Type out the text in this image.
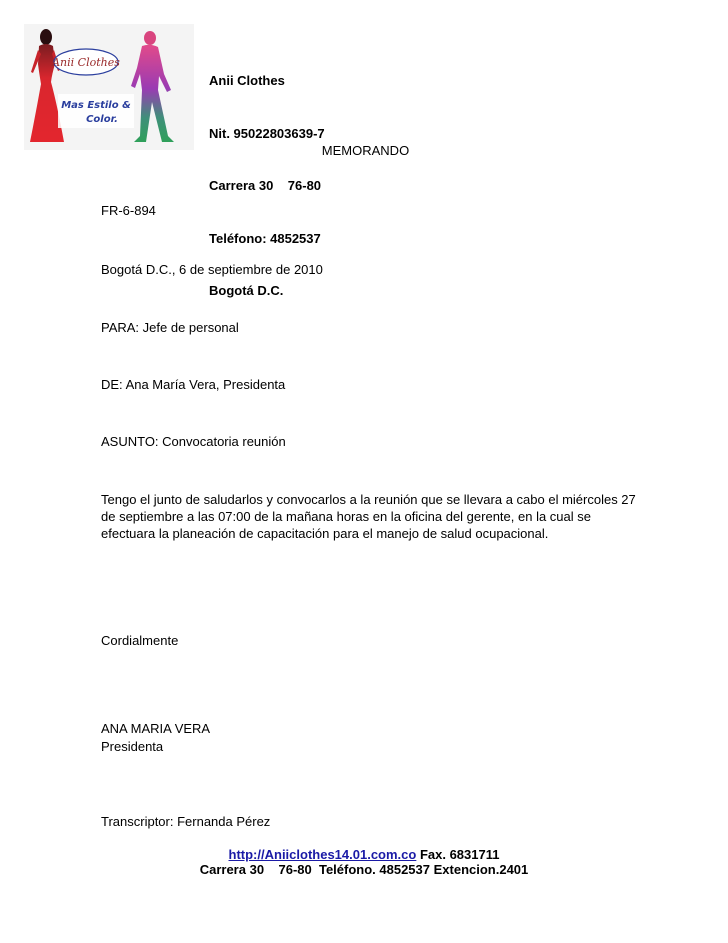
Anii Clothes
Mas Estilo &
Color.

Anii Clothes

Nit. 95022803639-7

Carrera 30    76-80

Teléfono: 4852537

Bogotá D.C.

MEMORANDO
FR-6-894
Bogotá D.C., 6 de septiembre de 2010
PARA: Jefe de personal
DE: Ana María Vera, Presidenta
ASUNTO: Convocatoria reunión
Tengo el junto de saludarlos y convocarlos a la reunión que se llevara a cabo el miércoles 27 de septiembre a las 07:00 de la mañana horas en la oficina del gerente, en la cual se efectuara la planeación de capacitación para el manejo de salud ocupacional.
Cordialmente
ANA MARIA VERA
Presidenta
Transcriptor: Fernanda Pérez
http://Aniiclothes14.01.com.co Fax. 6831711
Carrera 30    76-80  Teléfono. 4852537 Extencion.2401
